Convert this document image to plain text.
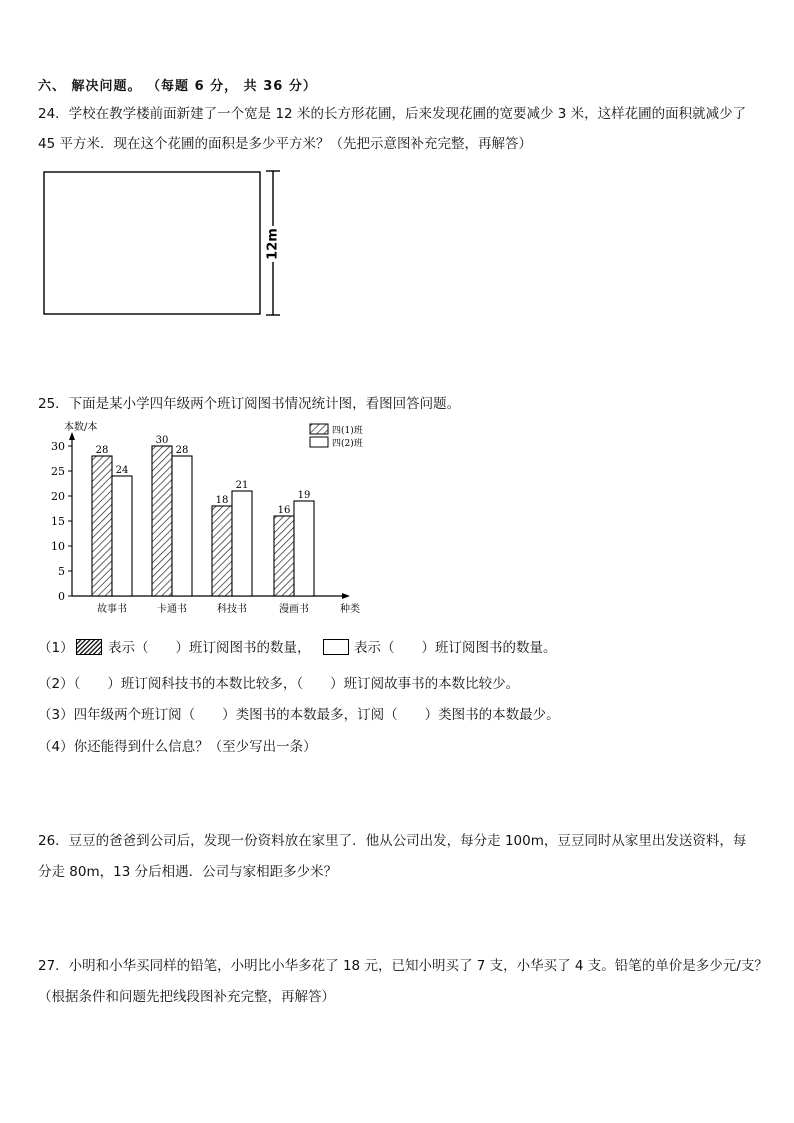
六、 解决问题。 （每题 6 分， 共 36 分）
24．学校在教学楼前面新建了一个宽是 12 米的长方形花圃，后来发现花圃的宽要减少 3 米，这样花圃的面积就减少了
45 平方米．现在这个花圃的面积是多少平方米？（先把示意图补充完整，再解答）
12m
25．下面是某小学四年级两个班订阅图书情况统计图，看图回答问题。
0
5
10
15
20
25
30
本数/本
种类
28
24
故事书
30
28
卡通书
18
21
科技书
16
19
漫画书
四(1)班
四(2)班
（1）	表示（　　）班订阅图书的数量，	表示（　　）班订阅图书的数量。
（2）（　　）班订阅科技书的本数比较多，（　　）班订阅故事书的本数比较少。
（3）四年级两个班订阅（　　）类图书的本数最多，订阅（　　）类图书的本数最少。
（4）你还能得到什么信息？（至少写出一条）
26．豆豆的爸爸到公司后，发现一份资料放在家里了．他从公司出发，每分走 100m，豆豆同时从家里出发送资料，每
分走 80m，13 分后相遇．公司与家相距多少米？
27．小明和小华买同样的铅笔，小明比小华多花了 18 元，已知小明买了 7 支，小华买了 4 支。铅笔的单价是多少元/支？
（根据条件和问题先把线段图补充完整，再解答）
